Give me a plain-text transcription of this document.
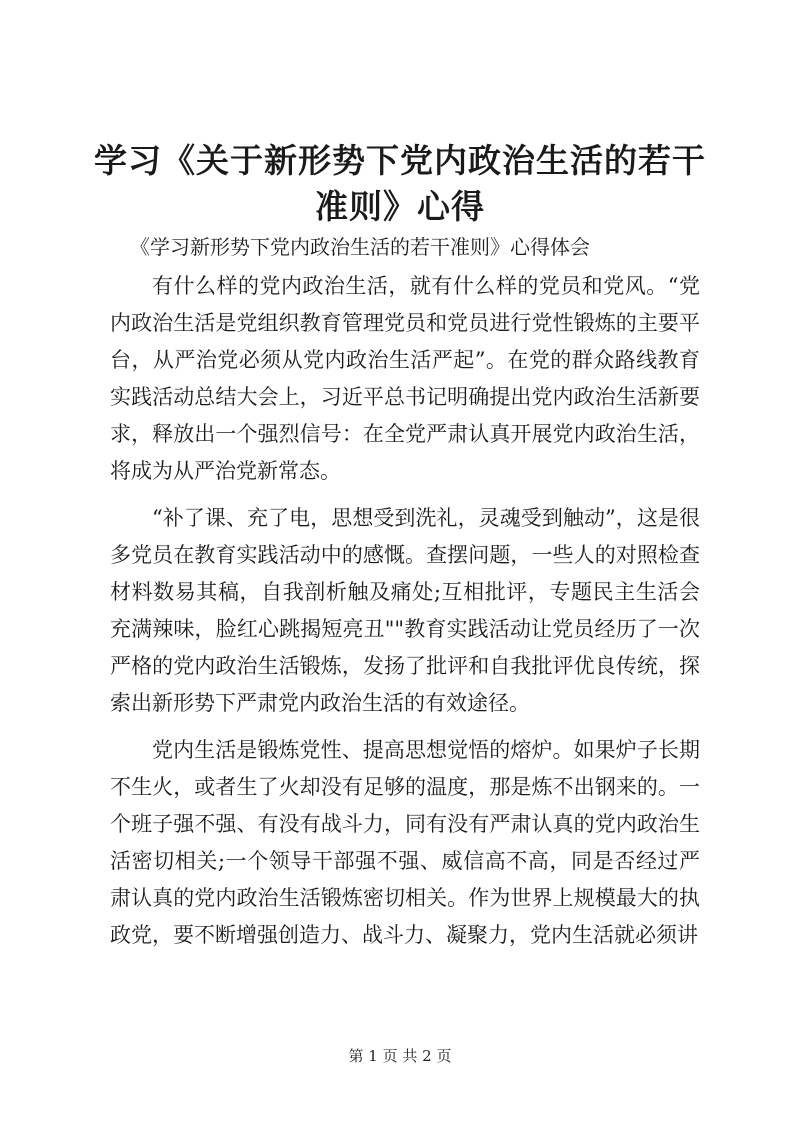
学习《关于新形势下党内政治生活的若干准则》心得
《学习新形势下党内政治生活的若干准则》心得体会

有什么样的党内政治生活，就有什么样的党员和党风。“党内政治生活是党组织教育管理党员和党员进行党性锻炼的主要平台，从严治党必须从党内政治生活严起”。在党的群众路线教育实践活动总结大会上，习近平总书记明确提出党内政治生活新要求，释放出一个强烈信号：在全党严肃认真开展党内政治生活，将成为从严治党新常态。

“补了课、充了电，思想受到洗礼，灵魂受到触动”，这是很多党员在教育实践活动中的感慨。查摆问题，一些人的对照检查材料数易其稿，自我剖析触及痛处;互相批评，专题民主生活会充满辣味，脸红心跳揭短亮丑""教育实践活动让党员经历了一次严格的党内政治生活锻炼，发扬了批评和自我批评优良传统，探索出新形势下严肃党内政治生活的有效途径。

党内生活是锻炼党性、提高思想觉悟的熔炉。如果炉子长期不生火，或者生了火却没有足够的温度，那是炼不出钢来的。一个班子强不强、有没有战斗力，同有没有严肃认真的党内政治生活密切相关;一个领导干部强不强、威信高不高，同是否经过严肃认真的党内政治生活锻炼密切相关。作为世界上规模最大的执政党，要不断增强创造力、战斗力、凝聚力，党内生活就必须讲

第 1 页 共 2 页
